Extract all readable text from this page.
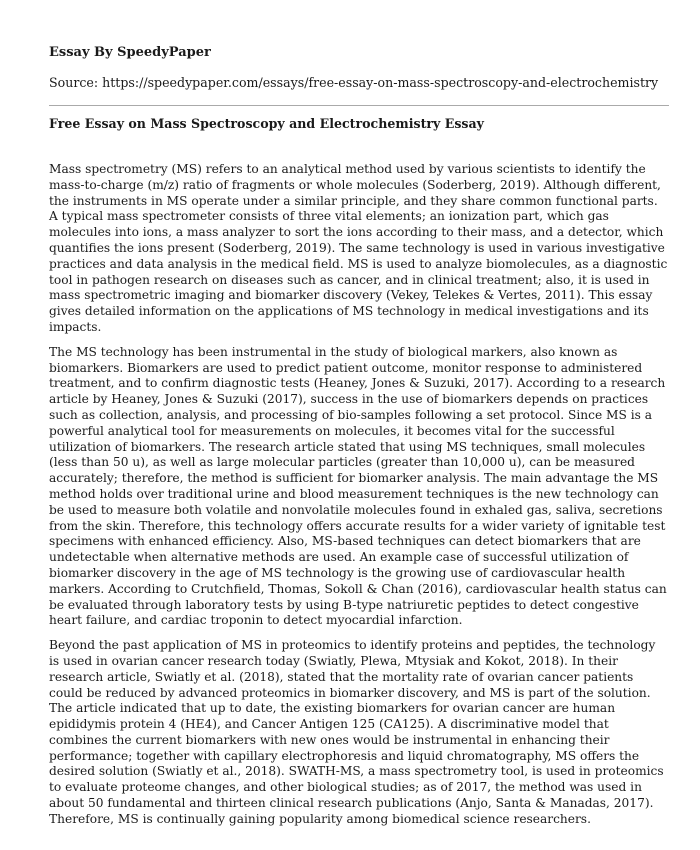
Essay By SpeedyPaper

Source: https://speedypaper.com/essays/free-essay-on-mass-spectroscopy-and-electrochemistry

Free Essay on Mass Spectroscopy and Electrochemistry Essay

Mass spectrometry (MS) refers to an analytical method used by various scientists to identify the mass-to-charge (m/z) ratio of fragments or whole molecules (Soderberg, 2019). Although different, the instruments in MS operate under a similar principle, and they share common functional parts. A typical mass spectrometer consists of three vital elements; an ionization part, which gas molecules into ions, a mass analyzer to sort the ions according to their mass, and a detector, which quantifies the ions present (Soderberg, 2019). The same technology is used in various investigative practices and data analysis in the medical field. MS is used to analyze biomolecules, as a diagnostic tool in pathogen research on diseases such as cancer, and in clinical treatment; also, it is used in mass spectrometric imaging and biomarker discovery (Vekey, Telekes & Vertes, 2011). This essay gives detailed information on the applications of MS technology in medical investigations and its impacts.

The MS technology has been instrumental in the study of biological markers, also known as biomarkers. Biomarkers are used to predict patient outcome, monitor response to administered treatment, and to confirm diagnostic tests (Heaney, Jones & Suzuki, 2017). According to a research article by Heaney, Jones & Suzuki (2017), success in the use of biomarkers depends on practices such as collection, analysis, and processing of bio-samples following a set protocol. Since MS is a powerful analytical tool for measurements on molecules, it becomes vital for the successful utilization of biomarkers. The research article stated that using MS techniques, small molecules (less than 50 u), as well as large molecular particles (greater than 10,000 u), can be measured accurately; therefore, the method is sufficient for biomarker analysis. The main advantage the MS method holds over traditional urine and blood measurement techniques is the new technology can be used to measure both volatile and nonvolatile molecules found in exhaled gas, saliva, secretions from the skin. Therefore, this technology offers accurate results for a wider variety of ignitable test specimens with enhanced efficiency. Also, MS-based techniques can detect biomarkers that are undetectable when alternative methods are used. An example case of successful utilization of biomarker discovery in the age of MS technology is the growing use of cardiovascular health markers. According to Crutchfield, Thomas, Sokoll & Chan (2016), cardiovascular health status can be evaluated through laboratory tests by using B-type natriuretic peptides to detect congestive heart failure, and cardiac troponin to detect myocardial infarction.

Beyond the past application of MS in proteomics to identify proteins and peptides, the technology is used in ovarian cancer research today (Swiatly, Plewa, Mtysiak and Kokot, 2018). In their research article, Swiatly et al. (2018), stated that the mortality rate of ovarian cancer patients could be reduced by advanced proteomics in biomarker discovery, and MS is part of the solution. The article indicated that up to date, the existing biomarkers for ovarian cancer are human epididymis protein 4 (HE4), and Cancer Antigen 125 (CA125). A discriminative model that combines the current biomarkers with new ones would be instrumental in enhancing their performance; together with capillary electrophoresis and liquid chromatography, MS offers the desired solution (Swiatly et al., 2018). SWATH-MS, a mass spectrometry tool, is used in proteomics to evaluate proteome changes, and other biological studies; as of 2017, the method was used in about 50 fundamental and thirteen clinical research publications (Anjo, Santa & Manadas, 2017). Therefore, MS is continually gaining popularity among biomedical science researchers.
